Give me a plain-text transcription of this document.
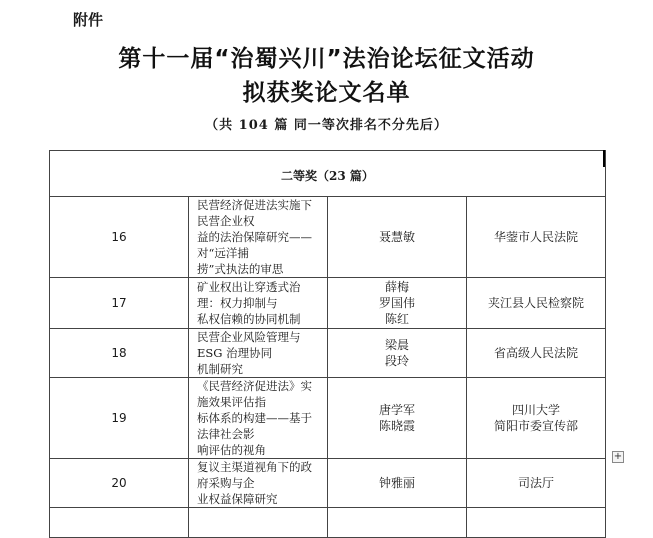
附件
第十一届“治蜀兴川”法治论坛征文活动
拟获奖论文名单
（共 104 篇 同一等次排名不分先后）
二等奖（23 篇）			
16	民营经济促进法实施下民营企业权
益的法治保障研究——对“远洋捕
捞”式执法的审思	聂慧敏	华蓥市人民法院

17	矿业权出让穿透式治理：权力抑制与
私权信赖的协同机制	薛梅
罗国伟
陈红	夹江县人民检察院

18	民营企业风险管理与 ESG 治理协同
机制研究	梁晨
段玲	省高级人民法院

19	《民营经济促进法》实施效果评估指
标体系的构建——基于法律社会影
响评估的视角	唐学军
陈晓霞	四川大学
简阳市委宣传部

20	复议主渠道视角下的政府采购与企
业权益保障研究	钟雅丽	司法厅

+
